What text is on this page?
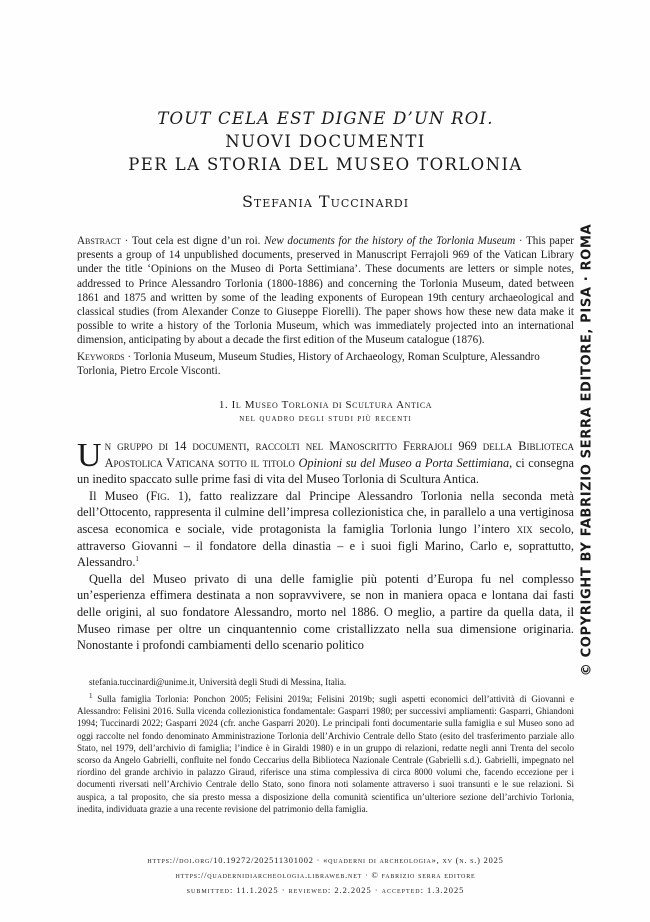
TOUT CELA EST DIGNE D’UN ROI.
NUOVI DOCUMENTI
PER LA STORIA DEL MUSEO TORLONIA
Stefania Tuccinardi
Abstract · Tout cela est digne d’un roi. New documents for the history of the Torlonia Museum · This paper presents a group of 14 unpublished documents, preserved in Manuscript Ferrajoli 969 of the Vatican Library under the title ‘Opinions on the Museo di Porta Settimiana’. These documents are letters or simple notes, addressed to Prince Alessandro Torlonia (1800-1886) and concerning the Torlonia Museum, dated between 1861 and 1875 and written by some of the leading exponents of European 19th century archaeological and classical studies (from Alexander Conze to Giuseppe Fiorelli). The paper shows how these new data make it possible to write a history of the Torlonia Museum, which was immediately projected into an international dimension, anticipating by about a decade the first edition of the Museum catalogue (1876).
Keywords · Torlonia Museum, Museum Studies, History of Archaeology, Roman Sculpture, Alessandro Torlonia, Pietro Ercole Visconti.
1. Il Museo Torlonia di Scultura Antica
nel quadro degli studi più recenti

Un gruppo di 14 documenti, raccolti nel Manoscritto Ferrajoli 969 della Biblioteca Apostolica Vaticana sotto il titolo Opinioni su del Museo a Porta Settimiana, ci consegna un inedito spaccato sulle prime fasi di vita del Museo Torlonia di Scultura Antica.

Il Museo (Fig. 1), fatto realizzare dal Principe Alessandro Torlonia nella seconda metà dell’Ottocento, rappresenta il culmine dell’impresa collezionistica che, in parallelo a una vertiginosa ascesa economica e sociale, vide protagonista la famiglia Torlonia lungo l’intero xix secolo, attraverso Giovanni – il fondatore della dinastia – e i suoi figli Marino, Carlo e, soprattutto, Alessandro.$^1$

Quella del Museo privato di una delle famiglie più potenti d’Europa fu nel complesso un’esperienza effimera destinata a non sopravvivere, se non in maniera opaca e lontana dai fasti delle origini, al suo fondatore Alessandro, morto nel 1886. O meglio, a partire da quella data, il Museo rimase per oltre un cinquantennio come cristallizzato nella sua dimensione originaria. Nonostante i profondi cambiamenti dello scenario politico

stefania.tuccinardi@unime.it, Università degli Studi di Messina, Italia.

$^1$ Sulla famiglia Torlonia: Ponchon 2005; Felisini 2019a; Felisini 2019b; sugli aspetti economici dell’attività di Giovanni e Alessandro: Felisini 2016. Sulla vicenda collezionistica fondamentale: Gasparri 1980; per successivi ampliamenti: Gasparri, Ghiandoni 1994; Tuccinardi 2022; Gasparri 2024 (cfr. anche Gasparri 2020). Le principali fonti documentarie sulla famiglia e sul Museo sono ad oggi raccolte nel fondo denominato Amministrazione Torlonia dell’Archivio Centrale dello Stato (esito del trasferimento parziale allo Stato, nel 1979, dell’archivio di famiglia; l’indice è in Giraldi 1980) e in un gruppo di relazioni, redatte negli anni Trenta del secolo scorso da Angelo Gabrielli, confluite nel fondo Ceccarius della Biblioteca Nazionale Centrale (Gabrielli s.d.). Gabrielli, impegnato nel riordino del grande archivio in palazzo Giraud, riferisce una stima complessiva di circa 8000 volumi che, facendo eccezione per i documenti riversati nell’Archivio Centrale dello Stato, sono finora noti solamente attraverso i suoi transunti e le sue relazioni. Si auspica, a tal proposito, che sia presto messa a disposizione della comunità scientifica un’ulteriore sezione dell’archivio Torlonia, inedita, individuata grazie a una recente revisione del patrimonio della famiglia.

https://doi.org/10.19272/202511301002 · «quaderni di archeologia», xv (n. s.) 2025
https://quadernidiarcheologia.libraweb.net · © fabrizio serra editore
submitted: 11.1.2025 · reviewed: 2.2.2025 · accepted: 1.3.2025
© COPYRIGHT BY FABRIZIO SERRA EDITORE, PISA · ROMA
